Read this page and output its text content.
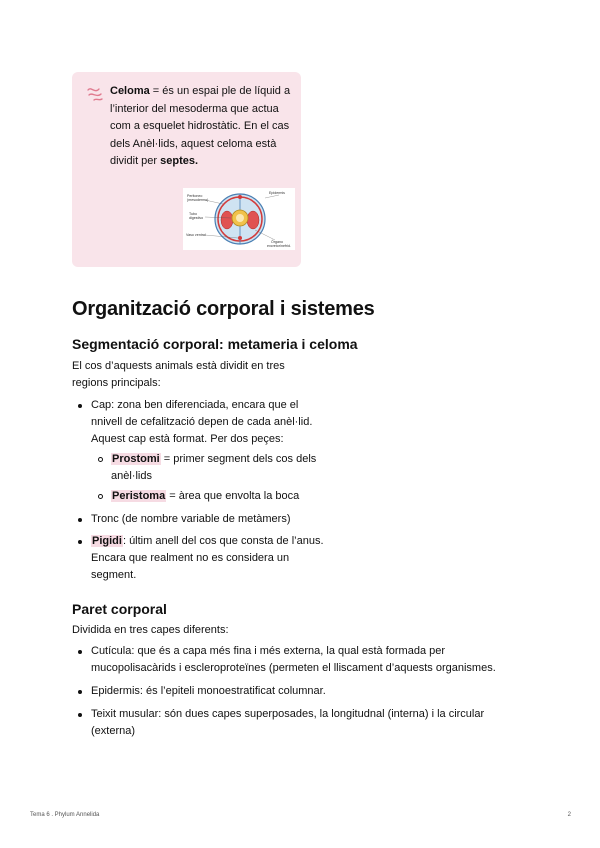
Celoma = és un espai ple de líquid a l’interior del mesoderma que actua com a esquelet hidrostàtic. En el cas dels Anèl·lids, aquest celoma està dividit per septes.
Peritoneo
(mesodermo)
Tubo
digestivo
Vaso ventral
Epidermis
Órgano
excretor/nefrid.
Organització corporal i sistemes
Segmentació corporal: metameria i celoma

El cos d’aquests animals està dividit en tres regions principals:

Cap: zona ben diferenciada, encara que el nnivell de cefalització depen de cada anèl·lid. Aquest cap està format. Per dos peçes:

Prostomi = primer segment dels cos dels anèl·lids

Peristoma = àrea que envolta la boca

Tronc (de nombre variable de metàmers)

Pigidi: últim anell del cos que consta de l’anus. Encara que realment no es considera un segment.

Paret corporal

Dividida en tres capes diferents:

Cutícula: que és a capa més fina i més externa, la qual està formada per mucopolisacàrids i escleroproteïnes (permeten el lliscament d’aquests organismes.

Epidermis: és l’epiteli monoestratificat columnar.

Teixit musular: són dues capes superposades, la longitudnal (interna) i la circular (externa)

Tema 6 . Phylum Annelida	2
